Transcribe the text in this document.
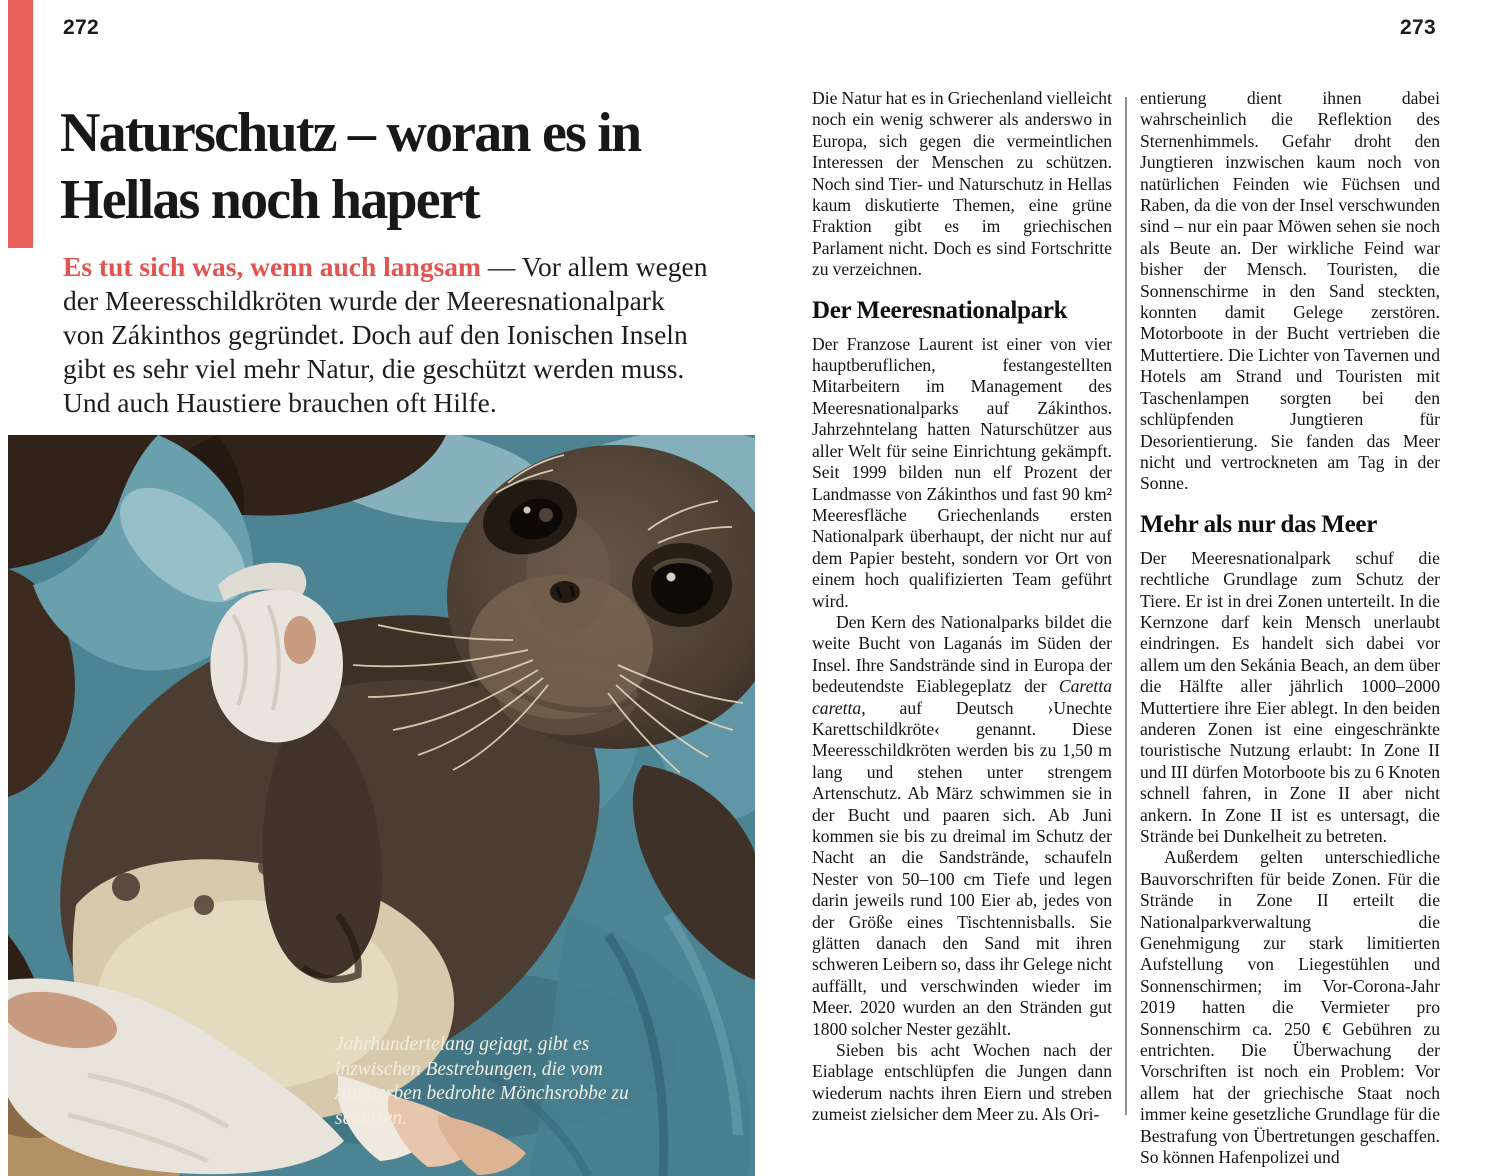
272	273
Naturschutz – woran es in Hellas noch hapert

Es tut sich was, wenn auch langsam — Vor allem wegen der Meeresschildkröten wurde der Meeresnationalpark von Zákinthos gegründet. Doch auf den Ionischen Inseln gibt es sehr viel mehr Natur, die geschützt werden muss. Und auch Haustiere brauchen oft Hilfe.

Jahrhundertelang gejagt, gibt es inzwischen Bestrebungen, die vom Aussterben bedrohte Mönchsrobbe zu schützen.

Die Natur hat es in Griechenland vielleicht noch ein wenig schwerer als anderswo in Europa, sich gegen die vermeintlichen Interessen der Menschen zu schützen. Noch sind Tier- und Naturschutz in Hellas kaum diskutierte Themen, eine grüne Fraktion gibt es im griechischen Parlament nicht. Doch es sind Fortschritte zu verzeichnen.

Der Meeresnationalpark

Der Franzose Laurent ist einer von vier hauptberuflichen, festangestellten Mitarbeitern im Management des Meeresnationalparks auf Zákinthos. Jahrzehntelang hatten Naturschützer aus aller Welt für seine Einrichtung gekämpft. Seit 1999 bilden nun elf Prozent der Landmasse von Zákinthos und fast 90 km² Meeresfläche Griechenlands ersten Nationalpark überhaupt, der nicht nur auf dem Papier besteht, sondern vor Ort von einem hoch qualifizierten Team geführt wird.

Den Kern des Nationalparks bildet die weite Bucht von Laganás im Süden der Insel. Ihre Sandstrände sind in Europa der bedeutendste Eiablegeplatz der Caretta caretta, auf Deutsch ›Unechte Karettschildkröte‹ genannt. Diese Meeresschildkröten werden bis zu 1,50 m lang und stehen unter strengem Artenschutz. Ab März schwimmen sie in der Bucht und paaren sich. Ab Juni kommen sie bis zu dreimal im Schutz der Nacht an die Sandstrände, schaufeln Nester von 50–100 cm Tiefe und legen darin jeweils rund 100 Eier ab, jedes von der Größe eines Tischtennisballs. Sie glätten danach den Sand mit ihren schweren Leibern so, dass ihr Gelege nicht auffällt, und verschwinden wieder im Meer. 2020 wurden an den Stränden gut 1800 solcher Nester gezählt.

Sieben bis acht Wochen nach der Eiablage entschlüpfen die Jungen dann wiederum nachts ihren Eiern und streben zumeist zielsicher dem Meer zu. Als Ori-

entierung dient ihnen dabei wahrscheinlich die Reflektion des Sternenhimmels. Gefahr droht den Jungtieren inzwischen kaum noch von natürlichen Feinden wie Füchsen und Raben, da die von der Insel verschwunden sind – nur ein paar Möwen sehen sie noch als Beute an. Der wirkliche Feind war bisher der Mensch. Touristen, die Sonnenschirme in den Sand steckten, konnten damit Gelege zerstören. Motorboote in der Bucht vertrieben die Muttertiere. Die Lichter von Tavernen und Hotels am Strand und Touristen mit Taschenlampen sorgten bei den schlüpfenden Jungtieren für Desorientierung. Sie fanden das Meer nicht und vertrockneten am Tag in der Sonne.

Mehr als nur das Meer

Der Meeresnationalpark schuf die rechtliche Grundlage zum Schutz der Tiere. Er ist in drei Zonen unterteilt. In die Kernzone darf kein Mensch unerlaubt eindringen. Es handelt sich dabei vor allem um den Sekánia Beach, an dem über die Hälfte aller jährlich 1000–2000 Muttertiere ihre Eier ablegt. In den beiden anderen Zonen ist eine eingeschränkte touristische Nutzung erlaubt: In Zone II und III dürfen Motorboote bis zu 6 Knoten schnell fahren, in Zone II aber nicht ankern. In Zone II ist es untersagt, die Strände bei Dunkelheit zu betreten.

Außerdem gelten unterschiedliche Bauvorschriften für beide Zonen. Für die Strände in Zone II erteilt die Nationalparkverwaltung die Genehmigung zur stark limitierten Aufstellung von Liegestühlen und Sonnenschirmen; im Vor-Corona-Jahr 2019 hatten die Vermieter pro Sonnenschirm ca. 250 € Gebühren zu entrichten. Die Überwachung der Vorschriften ist noch ein Problem: Vor allem hat der griechische Staat noch immer keine gesetzliche Grundlage für die Bestrafung von Übertretungen geschaffen. So können Hafenpolizei und
